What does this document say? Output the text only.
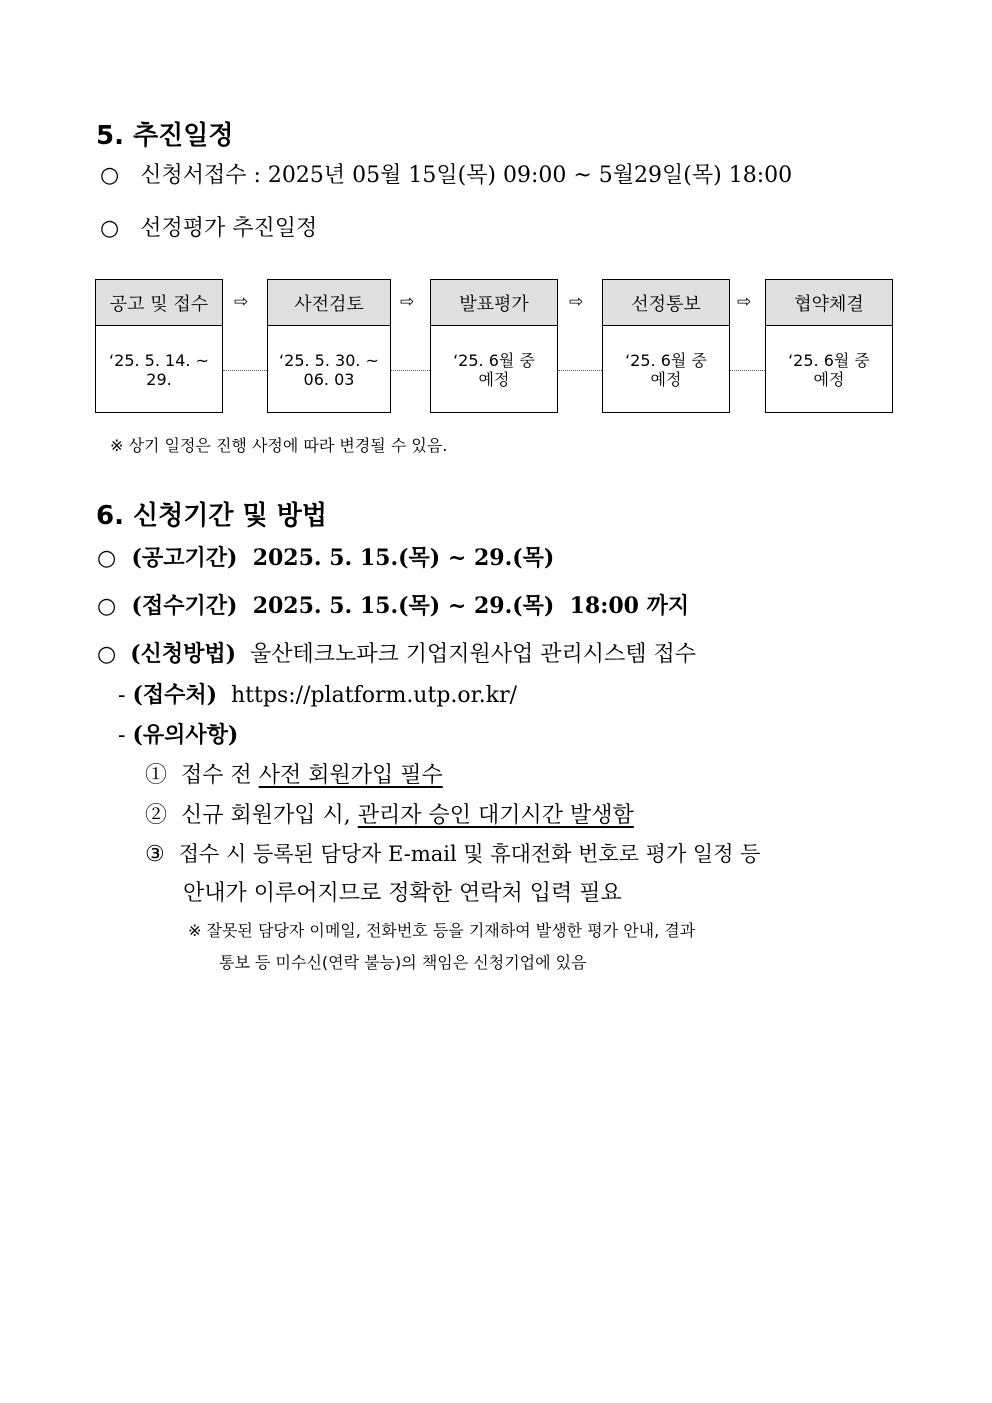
5. 추진일정
○ 신청서접수 : 2025년 05월 15일(목) 09:00 ~ 5월29일(목) 18:00
○ 선정평가 추진일정
공고 및 접수
‘25. 5. 14. ~
29.
⇨	사전검토
‘25. 5. 30. ~
06. 03
⇨	발표평가
‘25. 6월 중
예정
⇨	선정통보
‘25. 6월 중
예정
⇨	협약체결
‘25. 6월 중
예정
※ 상기 일정은 진행 사정에 따라 변경될 수 있음.
6. 신청기간 및 방법
○ (공고기간) 2025. 5. 15.(목) ~ 29.(목)
○ (접수기간) 2025. 5. 15.(목) ~ 29.(목)  18:00 까지
○ (신청방법) 울산테크노파크 기업지원사업 관리시스템 접수
- (접수처) https://platform.utp.or.kr/
- (유의사항)
① 접수 전 사전 회원가입 필수
② 신규 회원가입 시, 관리자 승인 대기시간 발생함
③ 접수 시 등록된 담당자 E-mail 및 휴대전화 번호로 평가 일정 등
안내가 이루어지므로 정확한 연락처 입력 필요
※ 잘못된 담당자 이메일, 전화번호 등을 기재하여 발생한 평가 안내, 결과
통보 등 미수신(연락 불능)의 책임은 신청기업에 있음
